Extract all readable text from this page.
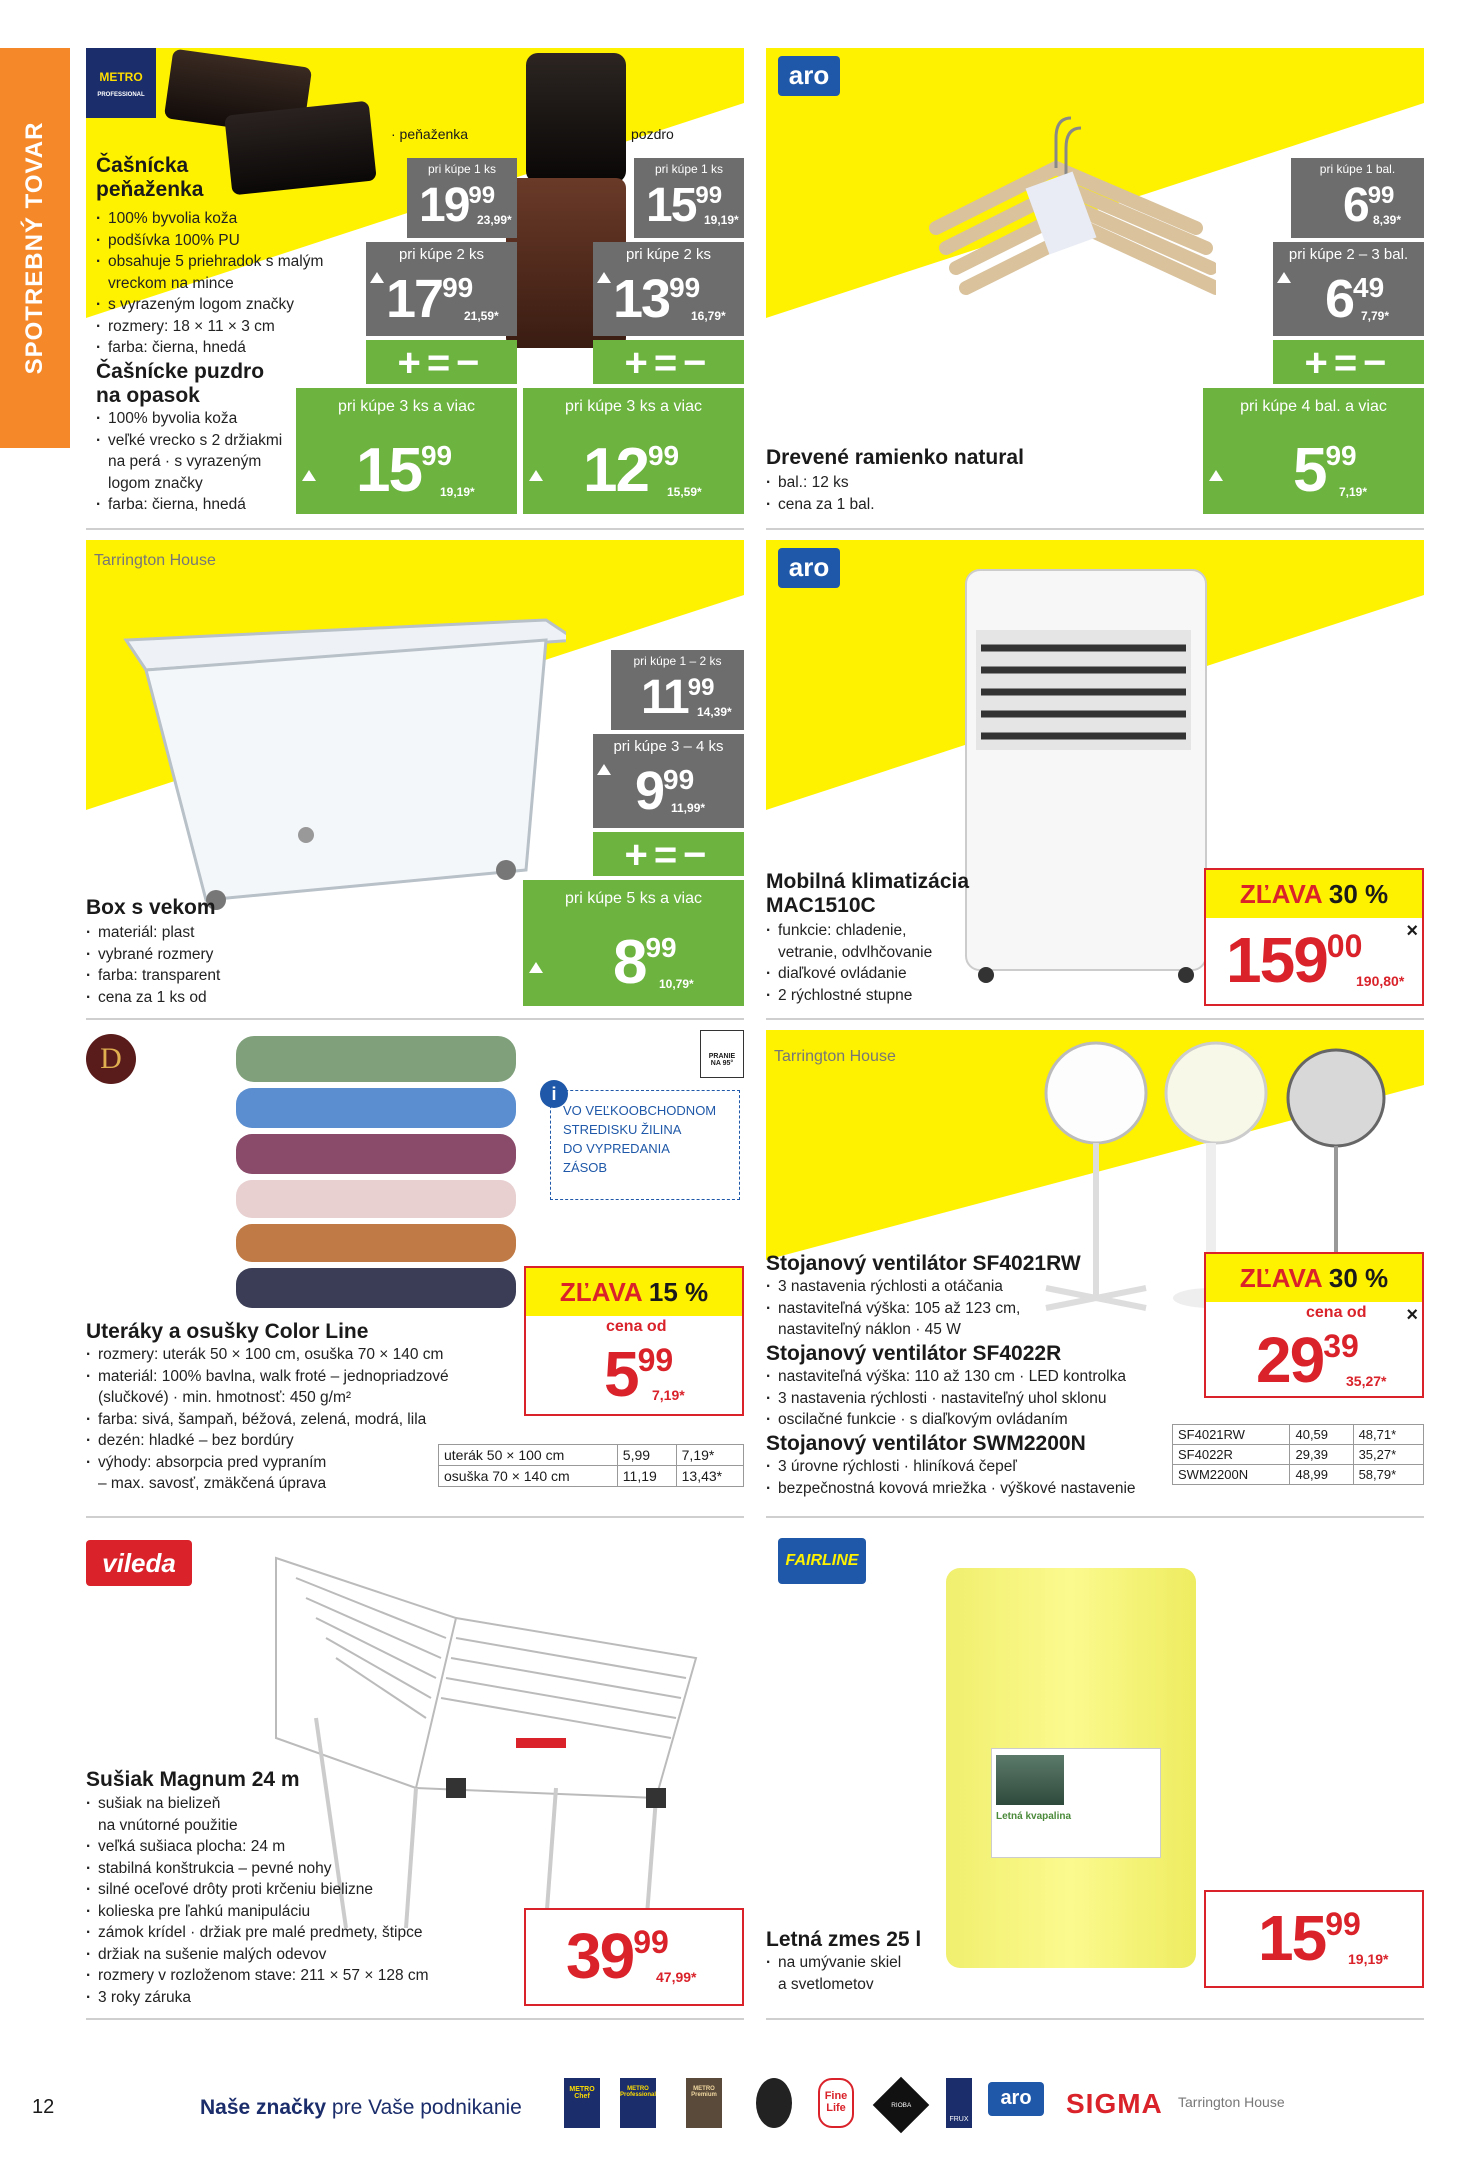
SPOTREBNÝ TOVAR
METRO
PROFESSIONAL
· peňaženka	pozdro
Čašnícka
peňaženka
· 100% byvolia koža
· podšívka 100% PU
· obsahuje 5 priehradok s malým
vreckom na mince
· s vyrazeným logom značky
· rozmery: 18 × 11 × 3 cm
· farba: čierna, hnedá
Čašnícke puzdro
na opasok
· 100% byvolia koža
· veľké vrecko s 2 držiakmi
na perá · s vyrazeným
logom značky
· farba: čierna, hnedá
pri kúpe 1 ks
1999
23,99*
pri kúpe 2 ks
1799
21,59*
+=−
pri kúpe 3 ks a viac
1599
19,19*
pri kúpe 1 ks
1599
19,19*
pri kúpe 2 ks
1399
16,79*
+=−
pri kúpe 3 ks a viac
1299
15,59*
aro
Drevené ramienko natural
· bal.: 12 ks
· cena za 1 bal.
pri kúpe 1 bal.
699
8,39*
pri kúpe 2 – 3 bal.
649
7,79*
+=−
pri kúpe 4 bal. a viac
599
7,19*
Tarrington House
Box s vekom
· materiál: plast
· vybrané rozmery
· farba: transparent
· cena za 1 ks od
pri kúpe 1 – 2 ks
1199
14,39*
pri kúpe 3 – 4 ks
999
11,99*
+=−
pri kúpe 5 ks a viac
899
10,79*
aro
Mobilná klimatizácia
MAC1510C
· funkcie: chladenie,
vetranie, odvlhčovanie
· diaľkové ovládanie
· 2 rýchlostné stupne
ZĽAVA 30 %
×
15900
190,80*
D	PRANIE
NA 95°
VO VEĽKOOBCHODNOM
STREDISKU ŽILINA
DO VYPREDANIA
ZÁSOB
i
Uteráky a osušky Color Line
· rozmery: uterák 50 × 100 cm, osuška 70 × 140 cm
· materiál: 100% bavlna, walk froté – jednopriadzové
(slučkové) · min. hmotnosť: 450 g/m²
· farba: sivá, šampaň, béžová, zelená, modrá, lila
· dezén: hladké – bez bordúry
· výhody: absorpcia pred vypraním
– max. savosť, zmäkčená úprava
ZĽAVA 15 %
cena od
599
7,19*
uterák 50 × 100 cm	5,99	7,19*
osuška 70 × 140 cm	11,19	13,43*
Tarrington House
Stojanový ventilátor SF4021RW
· 3 nastavenia rýchlosti a otáčania
· nastaviteľná výška: 105 až 123 cm,
nastaviteľný náklon · 45 W
Stojanový ventilátor SF4022R
· nastaviteľná výška: 110 až 130 cm · LED kontrolka
· 3 nastavenia rýchlosti · nastaviteľný uhol sklonu
· oscilačné funkcie · s diaľkovým ovládaním
Stojanový ventilátor SWM2200N
· 3 úrovne rýchlosti · hliníková čepeľ
· bezpečnostná kovová mriežka · výškové nastavenie
ZĽAVA 30 %
cena od ×
2939
35,27*
SF4021RW	40,59	48,71*
SF4022R	29,39	35,27*
SWM2200N	48,99	58,79*
vileda
Sušiak Magnum 24 m
· sušiak na bielizeň
na vnútorné použitie
· veľká sušiaca plocha: 24 m
· stabilná konštrukcia – pevné nohy
· silné oceľové drôty proti krčeniu bielizne
· kolieska pre ľahkú manipuláciu
· zámok krídel · držiak pre malé predmety, štipce
· držiak na sušenie malých odevov
· rozmery v rozloženom stave: 211 × 57 × 128 cm
· 3 roky záruka
3999
47,99*
FAIRLINE
Letná kvapalina
Letná zmes 25 l
· na umývanie skiel
a svetlometov
1599
19,19*
12	Naše značky pre Vaše podnikanie
METRO Chef
METRO Professional
METRO Premium	Fine Life	RIOBA
FRUX
aro	SIGMA Tarrington House
